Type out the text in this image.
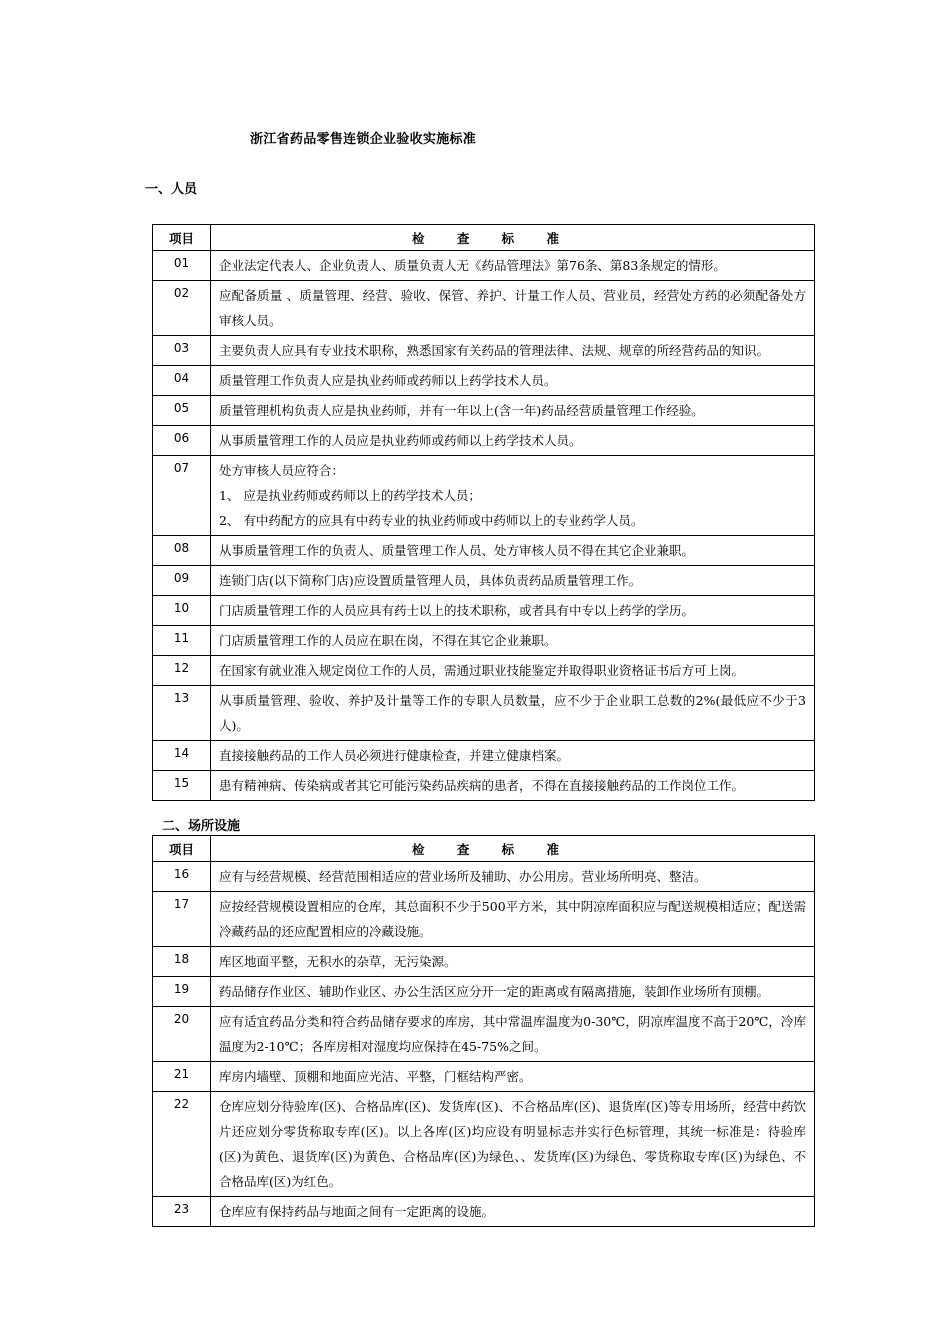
浙江省药品零售连锁企业验收实施标准
一、人员
项目	检 查 标 准
01	企业法定代表人、企业负责人、质量负责人无《药品管理法》第76条、第83条规定的情形。
02	应配备质量 、质量管理、经营、验收、保管、养护、计量工作人员、营业员，经营处方药的必须配备处方审核人员。
03	主要负责人应具有专业技术职称，熟悉国家有关药品的管理法律、法规、规章的所经营药品的知识。
04	质量管理工作负责人应是执业药师或药师以上药学技术人员。
05	质量管理机构负责人应是执业药师，并有一年以上(含一年)药品经营质量管理工作经验。
06	从事质量管理工作的人员应是执业药师或药师以上药学技术人员。
07	处方审核人员应符合：
1、 应是执业药师或药师以上的药学技术人员；
2、 有中药配方的应具有中药专业的执业药师或中药师以上的专业药学人员。

08	从事质量管理工作的负责人、质量管理工作人员、处方审核人员不得在其它企业兼职。
09	连锁门店(以下简称门店)应设置质量管理人员，具体负责药品质量管理工作。
10	门店质量管理工作的人员应具有药士以上的技术职称，或者具有中专以上药学的学历。
11	门店质量管理工作的人员应在职在岗，不得在其它企业兼职。
12	在国家有就业准入规定岗位工作的人员，需通过职业技能鉴定并取得职业资格证书后方可上岗。
13	从事质量管理、验收、养护及计量等工作的专职人员数量，应不少于企业职工总数的2%(最低应不少于3人)。
14	直接接触药品的工作人员必须进行健康检查，并建立健康档案。
15	患有精神病、传染病或者其它可能污染药品疾病的患者，不得在直接接触药品的工作岗位工作。
二、场所设施
项目	检 查 标 准
16	应有与经营规模、经营范围相适应的营业场所及辅助、办公用房。营业场所明亮、整洁。
17	应按经营规模设置相应的仓库，其总面积不少于500平方米，其中阴凉库面积应与配送规模相适应；配送需冷藏药品的还应配置相应的冷藏设施。
18	库区地面平整，无积水的杂草，无污染源。
19	药品储存作业区、辅助作业区、办公生活区应分开一定的距离或有隔离措施，装卸作业场所有顶棚。
20	应有适宜药品分类和符合药品储存要求的库房，其中常温库温度为0-30℃，阴凉库温度不高于20℃，冷库温度为2-10℃；各库房相对湿度均应保持在45-75%之间。
21	库房内墙壁、顶棚和地面应光洁、平整，门框结构严密。
22	仓库应划分待验库(区)、合格品库(区)、发货库(区)、不合格品库(区)、退货库(区)等专用场所，经营中药饮片还应划分零货称取专库(区)。以上各库(区)均应设有明显标志并实行色标管理，其统一标准是：待验库(区)为黄色、退货库(区)为黄色、合格品库(区)为绿色、、发货库(区)为绿色、零货称取专库(区)为绿色、不合格品库(区)为红色。
23	仓库应有保持药品与地面之间有一定距离的设施。
